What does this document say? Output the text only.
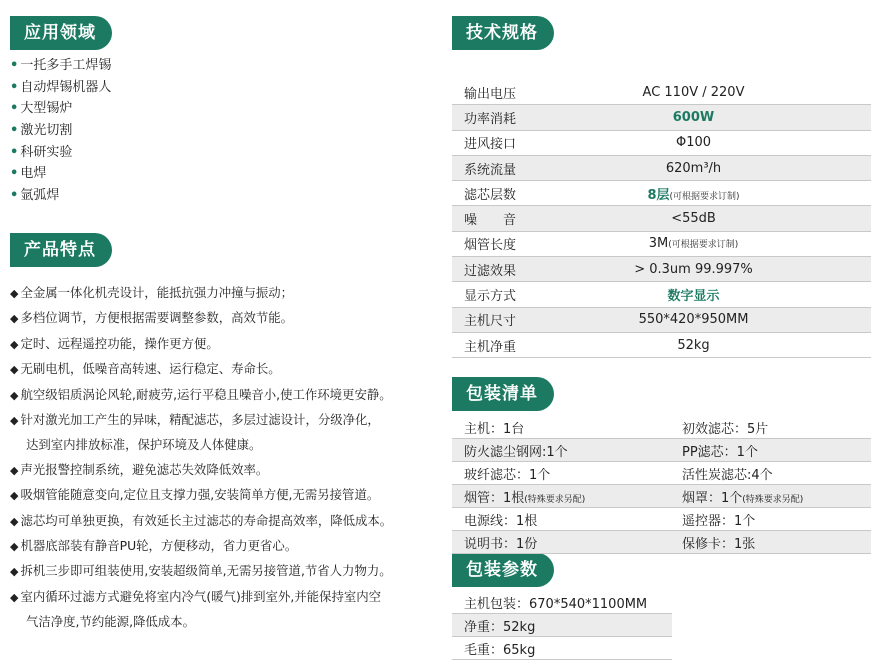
应用领域
产品特点
技术规格
包装清单
包装参数
• 一托多手工焊锡
• 自动焊锡机器人
• 大型锡炉
• 激光切割
• 科研实验
• 电焊
• 氩弧焊
◆ 全金属一体化机壳设计，能抵抗强力冲撞与振动；
◆ 多档位调节，方便根据需要调整参数，高效节能。
◆ 定时、远程遥控功能，操作更方便。
◆ 无刷电机，低噪音高转速、运行稳定、寿命长。
◆ 航空级铝质涡论风轮,耐疲劳,运行平稳且噪音小,使工作环境更安静。
◆ 针对激光加工产生的异味，精配滤芯，多层过滤设计，分级净化，
达到室内排放标准，保护环境及人体健康。
◆ 声光报警控制系统，避免滤芯失效降低效率。
◆ 吸烟管能随意变向,定位且支撑力强,安装简单方便,无需另接管道。
◆ 滤芯均可单独更换，有效延长主过滤芯的寿命提高效率，降低成本。
◆ 机器底部装有静音PU轮，方便移动，省力更省心。
◆ 拆机三步即可组装使用,安装超级简单,无需另接管道,节省人力物力。
◆ 室内循环过滤方式避免将室内冷气(暖气)排到室外,并能保持室内空
气洁净度,节约能源,降低成本。
输出电压	AC 110V / 220V
功率消耗	600W
进风接口	Φ100
系统流量	620m³/h
滤芯层数	8层(可根据要求订制)
噪　　音	<55dB
烟管长度	3M(可根据要求订制)
过滤效果	> 0.3um 99.997%
显示方式	数字显示
主机尺寸	550*420*950MM
主机净重	52kg
主机：1台	初效滤芯：5片
防火滤尘钢网:1个	PP滤芯：1个
玻纤滤芯：1个	活性炭滤芯:4个
烟管：1根(特殊要求另配)	烟罩：1个(特殊要求另配)
电源线：1根	遥控器：1个
说明书：1份	保修卡：1张
主机包装：670*540*1100MM
净重：52kg
毛重：65kg
